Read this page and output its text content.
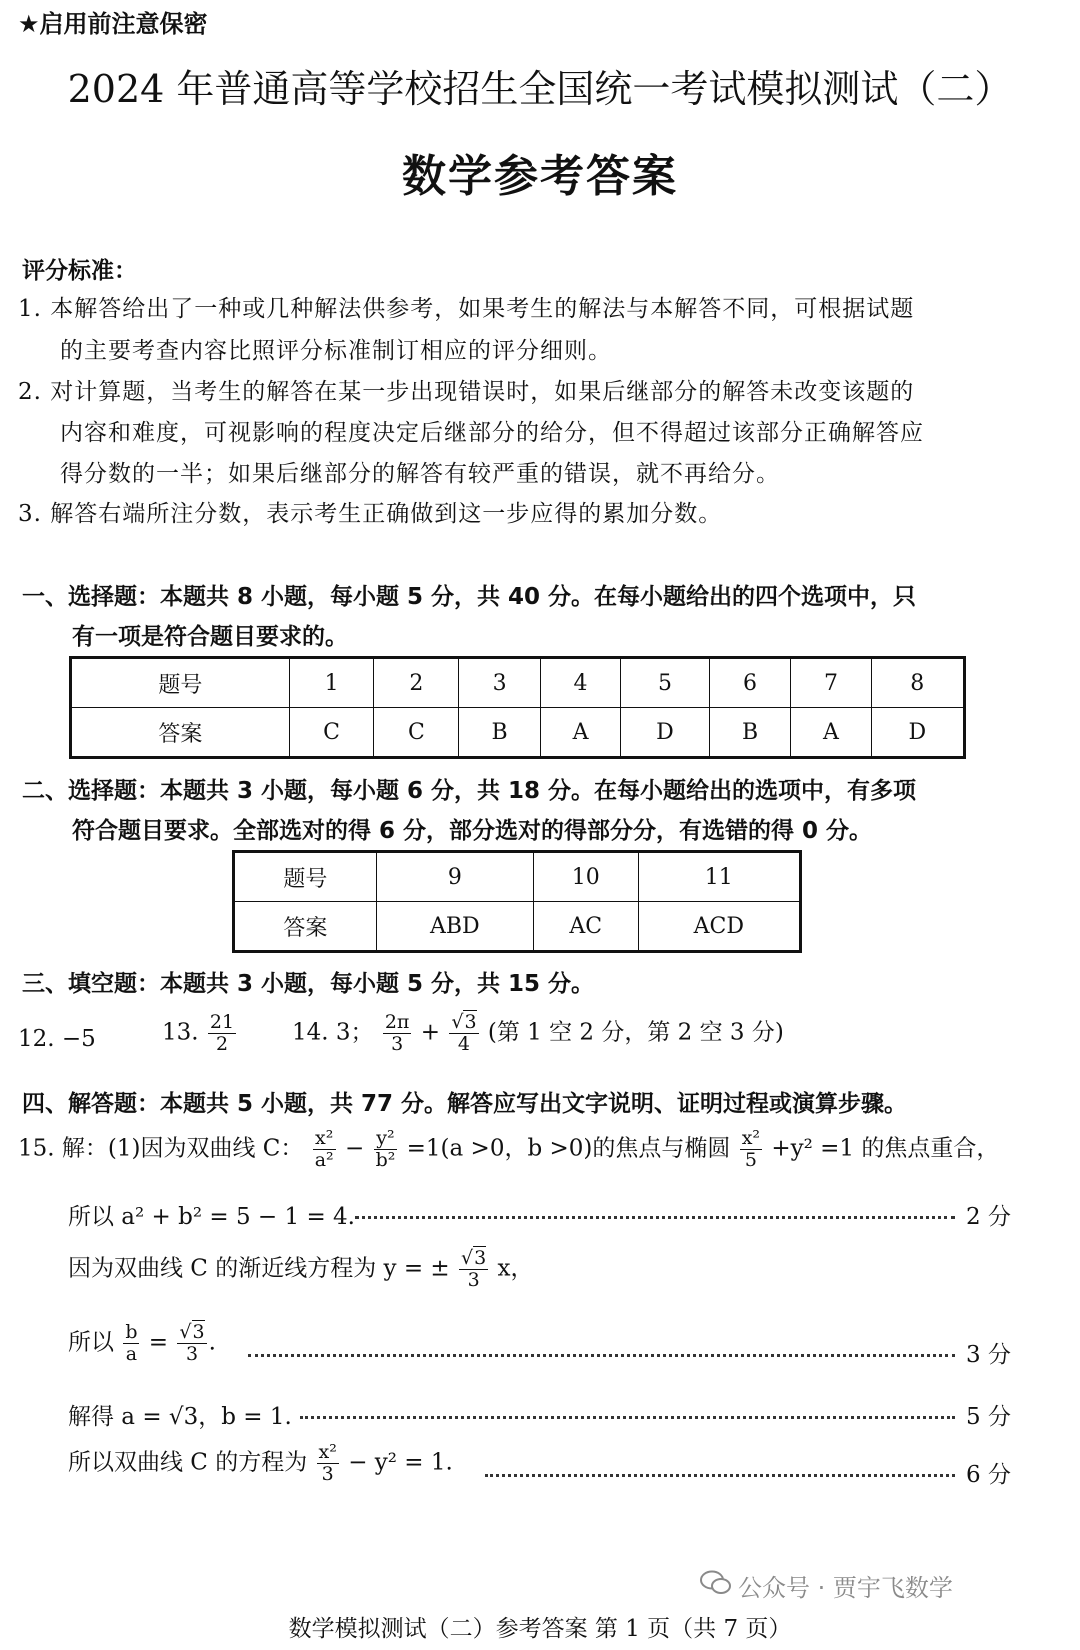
★启用前注意保密
2024 年普通高等学校招生全国统一考试模拟测试（二）
数学参考答案
评分标准：
1. 本解答给出了一种或几种解法供参考，如果考生的解法与本解答不同，可根据试题
的主要考查内容比照评分标准制订相应的评分细则。
2. 对计算题，当考生的解答在某一步出现错误时，如果后继部分的解答未改变该题的
内容和难度，可视影响的程度决定后继部分的给分，但不得超过该部分正确解答应
得分数的一半；如果后继部分的解答有较严重的错误，就不再给分。
3. 解答右端所注分数，表示考生正确做到这一步应得的累加分数。
一、选择题：本题共 8 小题，每小题 5 分，共 40 分。在每小题给出的四个选项中，只
有一项是符合题目要求的。
题号	1	2	3	4	5	6	7	8
答案	C	C	B	A	D	B	A	D
二、选择题：本题共 3 小题，每小题 6 分，共 18 分。在每小题给出的选项中，有多项
符合题目要求。全部选对的得 6 分，部分选对的得部分分，有选错的得 0 分。
题号	9	10	11
答案	ABD	AC	ACD
三、填空题：本题共 3 小题，每小题 5 分，共 15 分。
12. −5	13. $\frac{21}{2} 14$. 3； $\frac{2\pi}{3} + \frac{√3}{4}$ (第 1 空 2 分，第 2 空 3 分)
四、解答题：本题共 5 小题，共 77 分。解答应写出文字说明、证明过程或演算步骤。
15. 解：(1)因为双曲线 C： $\frac{\text{x²}}{\text{a²}} - \frac{\text{y²}}{\text{b²}} =1(a >0$，b >0)的焦点与椭圆 $\frac{\text{x²}}{5} +y^2 =1$ 的焦点重合，
所以 a² + b² = 5 − 1 = 4.	2 分
因为双曲线 C 的渐近线方程为 y = ± $\frac{√3}{3}$ x，
所以 $\frac{b}{a} = \frac{√3}{3}$ .	3 分
解得 a = √3，b = 1.	5 分
所以双曲线 C 的方程为 $\frac{\text{x²}}{3} - y^2 = 1$.	6 分
公众号 · 贾宇飞数学
数学模拟测试（二）参考答案 第 1 页（共 7 页）
